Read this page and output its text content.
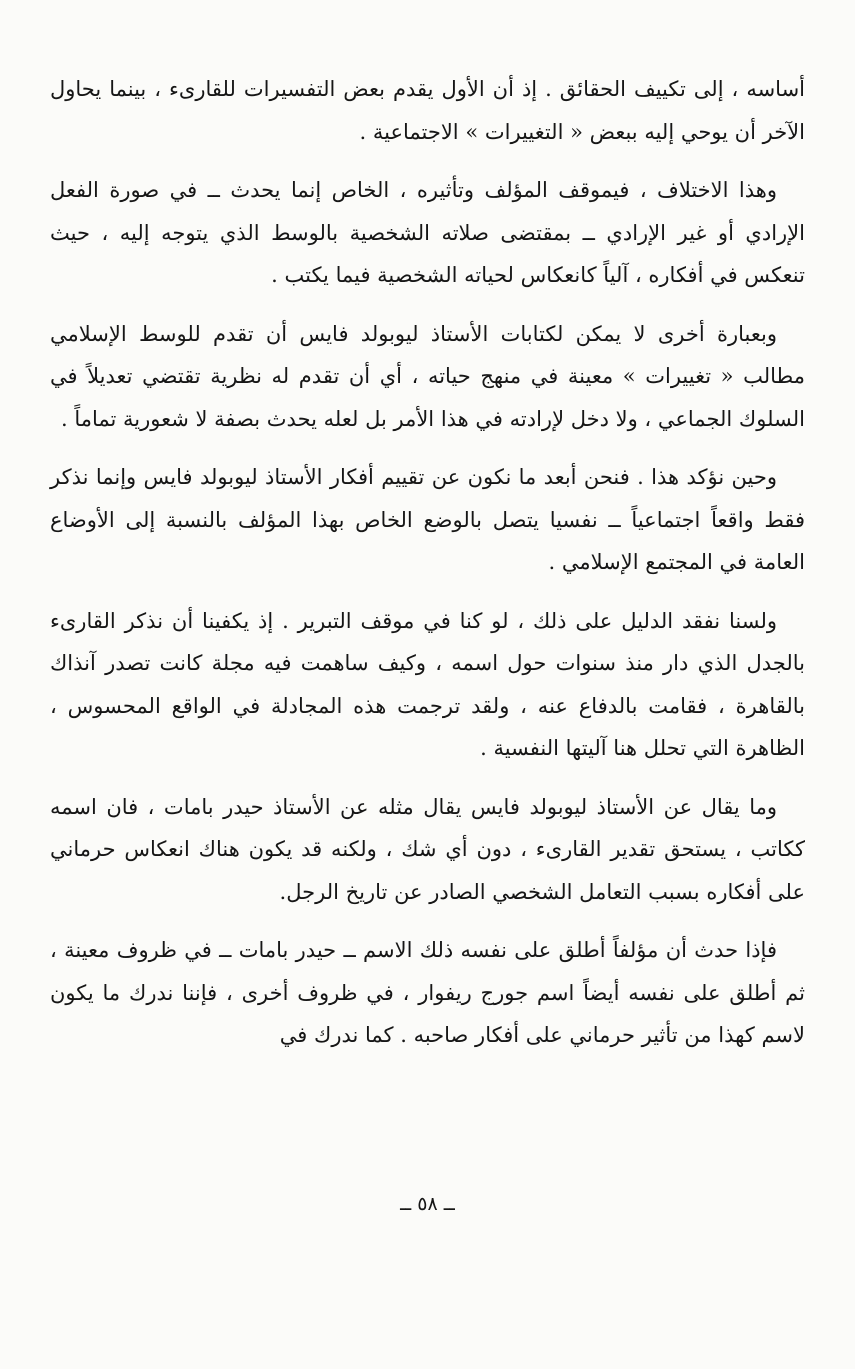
أساسه ، إلى تكييف الحقائق . إذ أن الأول يقدم بعض التفسيرات للقارىء ، بينما يحاول الآخر أن يوحي إليه ببعض « التغييرات » الاجتماعية .

وهذا الاختلاف ، فيموقف المؤلف وتأثيره ، الخاص إنما يحدث ــ في صورة الفعل الإرادي أو غير الإرادي ــ بمقتضى صلاته الشخصية بالوسط الذي يتوجه إليه ، حيث تنعكس في أفكاره ، آلياً كانعكاس لحياته الشخصية فيما يكتب .

وبعبارة أخرى لا يمكن لكتابات الأستاذ ليوبولد فايس أن تقدم للوسط الإسلامي مطالب « تغييرات » معينة في منهج حياته ، أي أن تقدم له نظرية تقتضي تعديلاً في السلوك الجماعي ، ولا دخل لإرادته في هذا الأمر بل لعله يحدث بصفة لا شعورية تماماً .

وحين نؤكد هذا . فنحن أبعد ما نكون عن تقييم أفكار الأستاذ ليوبولد فايس وإنما نذكر فقط واقعاً اجتماعياً ــ نفسيا يتصل بالوضع الخاص بهذا المؤلف بالنسبة إلى الأوضاع العامة في المجتمع الإسلامي .

ولسنا نفقد الدليل على ذلك ، لو كنا في موقف التبرير . إذ يكفينا أن نذكر القارىء بالجدل الذي دار منذ سنوات حول اسمه ، وكيف ساهمت فيه مجلة كانت تصدر آنذاك بالقاهرة ، فقامت بالدفاع عنه ، ولقد ترجمت هذه المجادلة في الواقع المحسوس ، الظاهرة التي تحلل هنا آليتها النفسية .

وما يقال عن الأستاذ ليوبولد فايس يقال مثله عن الأستاذ حيدر بامات ، فان اسمه ككاتب ، يستحق تقدير القارىء ، دون أي شك ، ولكنه قد يكون هناك انعكاس حرماني على أفكاره بسبب التعامل الشخصي الصادر عن تاريخ الرجل.

فإذا حدث أن مؤلفاً أطلق على نفسه ذلك الاسم ــ حيدر بامات ــ في ظروف معينة ، ثم أطلق على نفسه أيضاً اسم جورج ريفوار ، في ظروف أخرى ، فإننا ندرك ما يكون لاسم كهذا من تأثير حرماني على أفكار صاحبه . كما ندرك في

ــ ٥٨ ــ
